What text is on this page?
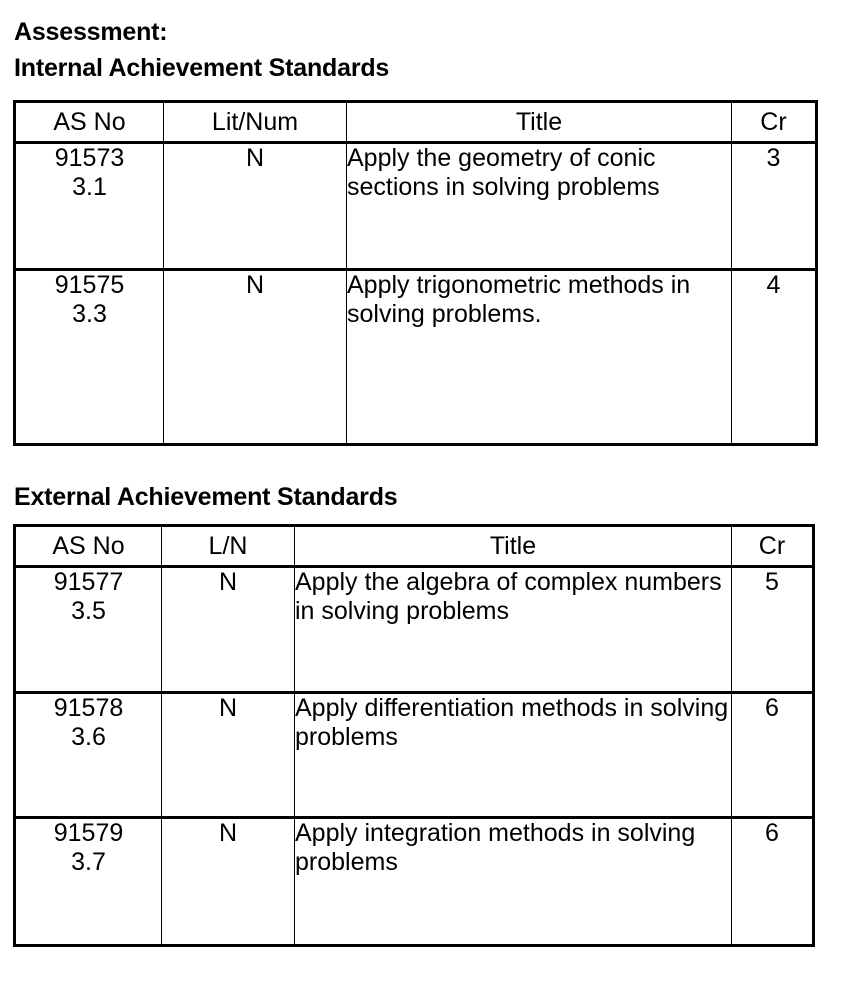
Assessment:
Internal Achievement Standards
AS No	Lit/Num	Title	Cr

91573
3.1	N	Apply the geometry of conic sections in solving problems	3

91575
3.3	N	Apply trigonometric methods in solving problems.	4
External Achievement Standards
AS No	L/N	Title	Cr

91577
3.5	N	Apply the algebra of complex numbers in solving problems	5

91578
3.6	N	Apply differentiation methods in solving problems	6

91579
3.7	N	Apply integration methods in solving problems	6
